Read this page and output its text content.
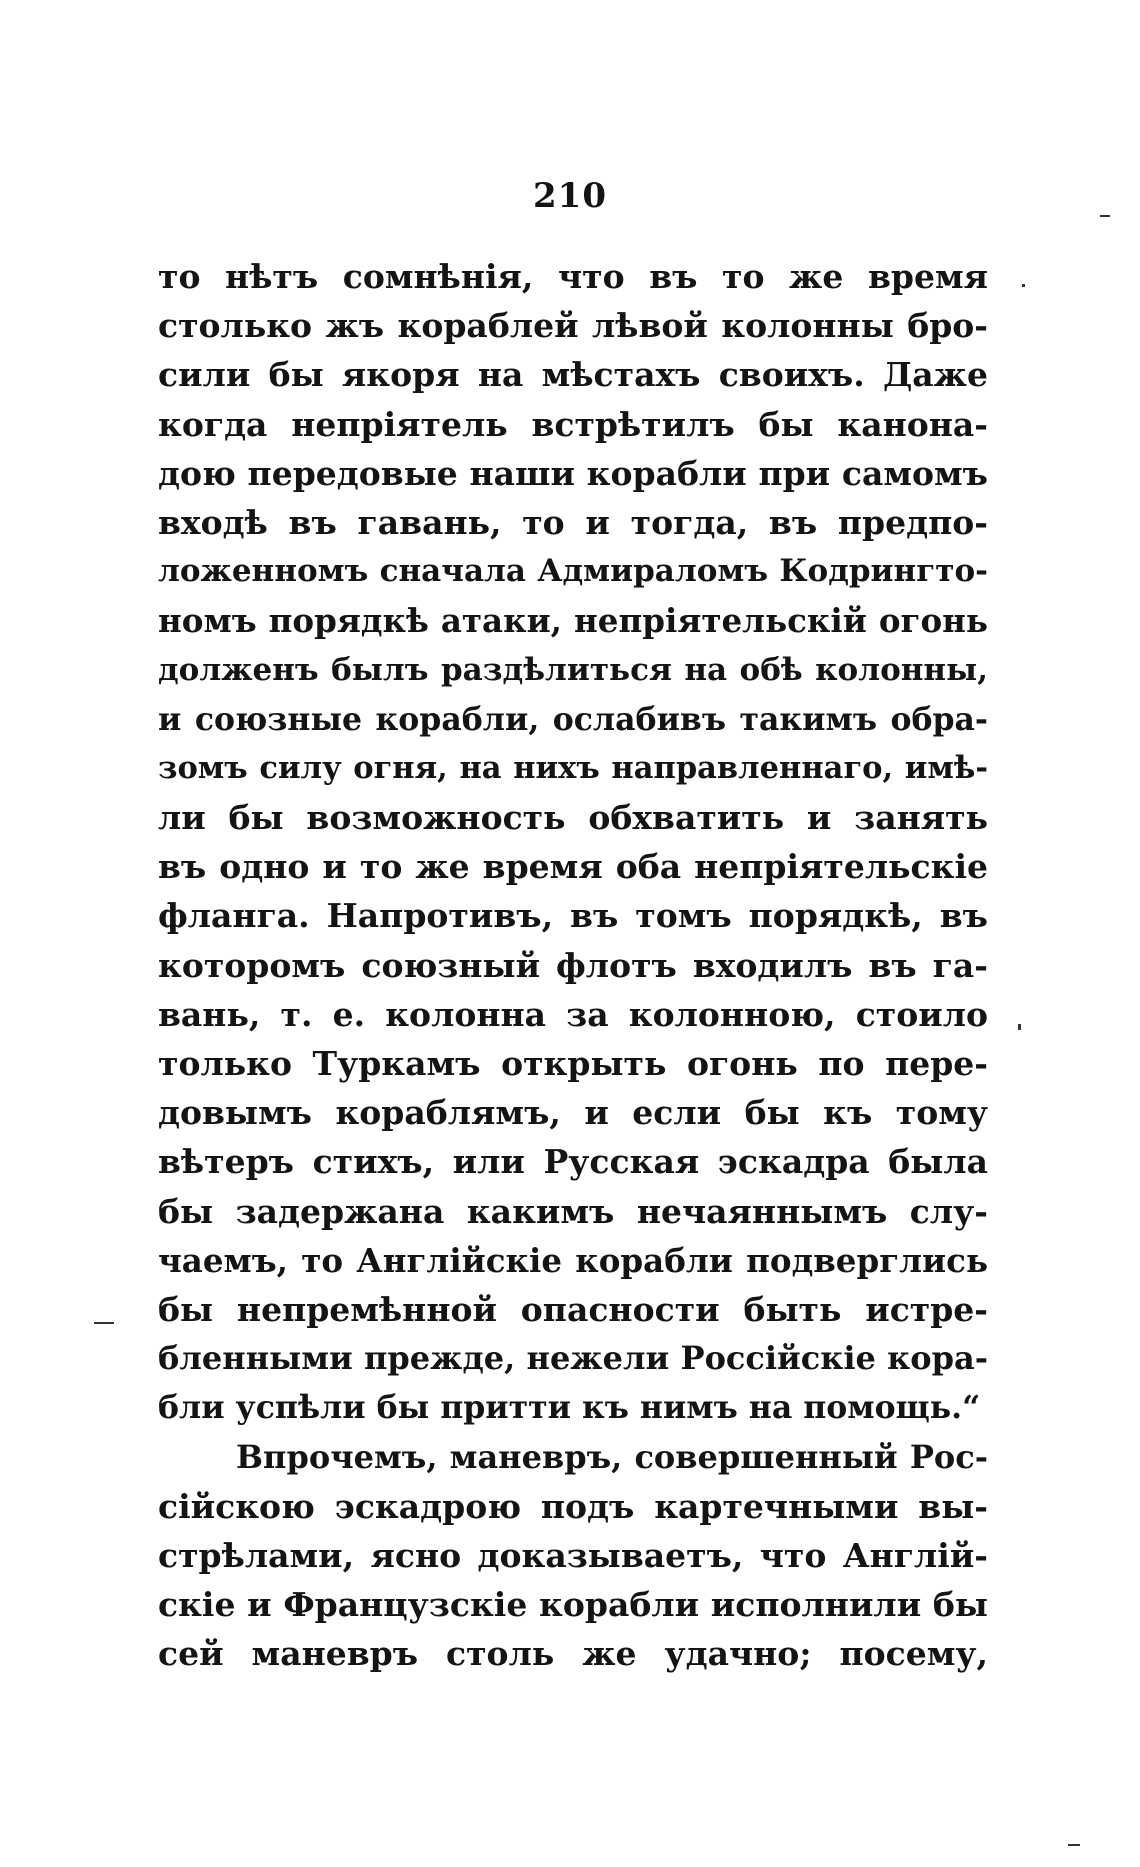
210
то нѣтъ сомнѣнія, что въ то же время
столько жъ кораблей лѣвой колонны бро-
сили бы якоря на мѣстахъ своихъ. Даже
когда непріятель встрѣтилъ бы канона-
дою передовые наши корабли при самомъ
входѣ въ гавань, то и тогда, въ предпо-
ложенномъ сначала Адмираломъ Кодрингто-
номъ порядкѣ атаки, непріятельскій огонь
долженъ былъ раздѣлиться на обѣ колонны,
и союзные корабли, ослабивъ такимъ обра-
зомъ силу огня, на нихъ направленнаго, имѣ-
ли бы возможность обхватить и занять
въ одно и то же время оба непріятельскіе
фланга. Напротивъ, въ томъ порядкѣ, въ
которомъ союзный флотъ входилъ въ га-
вань, т. е. колонна за колонною, стоило
только Туркамъ открыть огонь по пере-
довымъ кораблямъ, и если бы къ тому
вѣтеръ стихъ, или Русская эскадра была
бы задержана какимъ нечаяннымъ слу-
чаемъ, то Англійскіе корабли подверглись
бы непремѣнной опасности быть истре-
бленными прежде, нежели Россійскіе кора-
бли успѣли бы притти къ нимъ на помощь.“
Впрочемъ, маневръ, совершенный Рос-
сійскою эскадрою подъ картечными вы-
стрѣлами, ясно доказываетъ, что Англій-
скіе и Французскіе корабли исполнили бы
сей маневръ столь же удачно; посему,
